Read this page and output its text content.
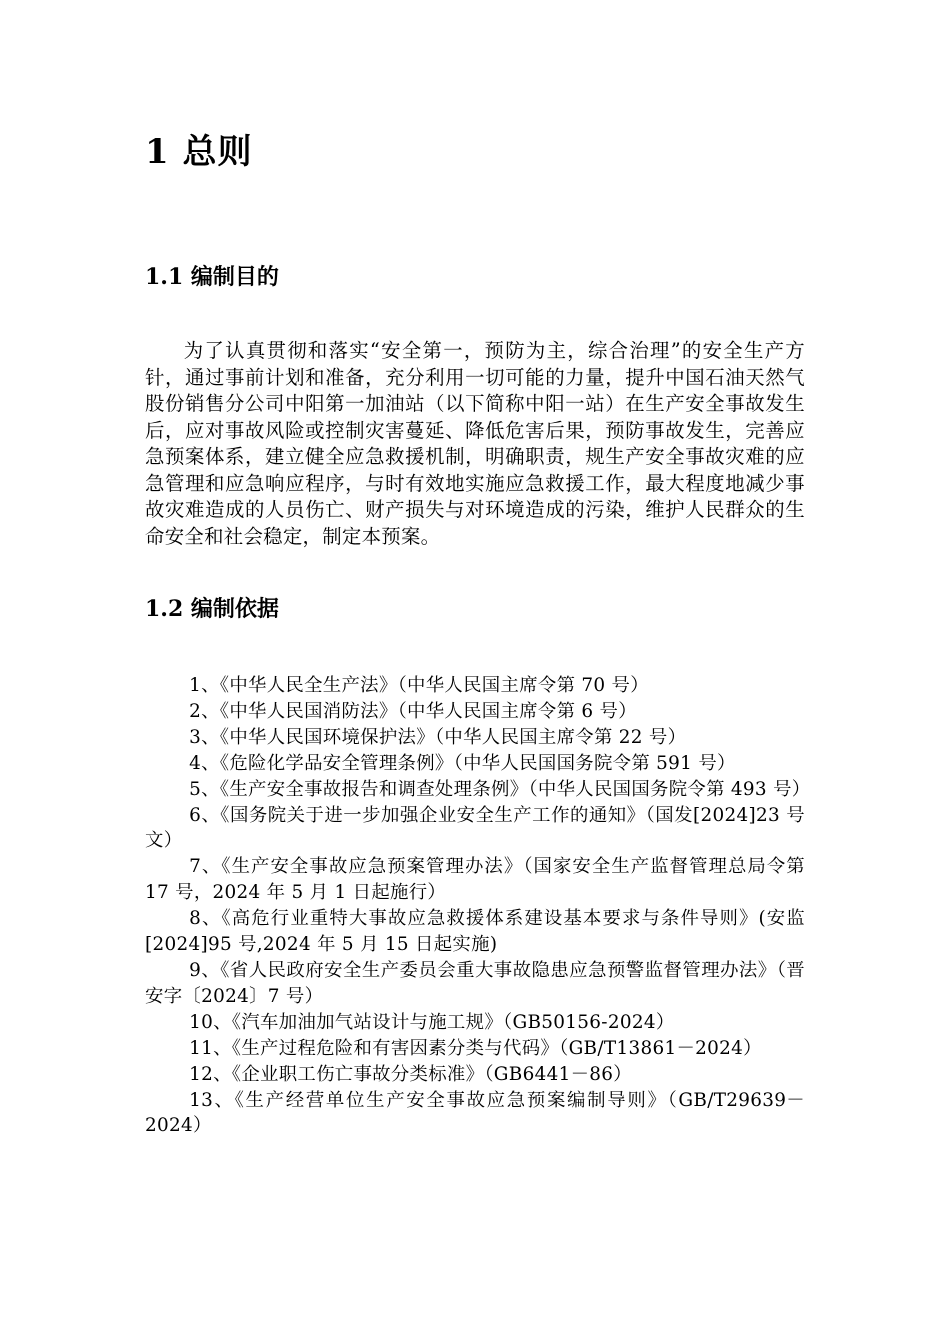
1 总则
1.1 编制目的

为了认真贯彻和落实“安全第一，预防为主，综合治理”的安全生产方针，通过事前计划和准备，充分利用一切可能的力量，提升中国石油天然气股份销售分公司中阳第一加油站（以下简称中阳一站）在生产安全事故发生后，应对事故风险或控制灾害蔓延、降低危害后果，预防事故发生，完善应急预案体系，建立健全应急救援机制，明确职责，规生产安全事故灾难的应急管理和应急响应程序，与时有效地实施应急救援工作，最大程度地减少事故灾难造成的人员伤亡、财产损失与对环境造成的污染，维护人民群众的生命安全和社会稳定，制定本预案。

1.2 编制依据
1、《中华人民全生产法》（中华人民国主席令第 70 号）
2、《中华人民国消防法》（中华人民国主席令第 6 号）
3、《中华人民国环境保护法》（中华人民国主席令第 22 号）
4、《危险化学品安全管理条例》（中华人民国国务院令第 591 号）
5、《生产安全事故报告和调查处理条例》（中华人民国国务院令第 493 号）
6、《国务院关于进一步加强企业安全生产工作的通知》（国发[2024]23 号文）
7、《生产安全事故应急预案管理办法》（国家安全生产监督管理总局令第 17 号，2024 年 5 月 1 日起施行）
8、《高危行业重特大事故应急救援体系建设基本要求与条件导则》(安监[2024]95 号,2024 年 5 月 15 日起实施)
9、《省人民政府安全生产委员会重大事故隐患应急预警监督管理办法》（晋安字〔2024〕7 号）
10、《汽车加油加气站设计与施工规》（GB50156-2024）
11、《生产过程危险和有害因素分类与代码》（GB/T13861－2024）
12、《企业职工伤亡事故分类标准》（GB6441－86）
13、《生产经营单位生产安全事故应急预案编制导则》（GB/T29639－2024）
